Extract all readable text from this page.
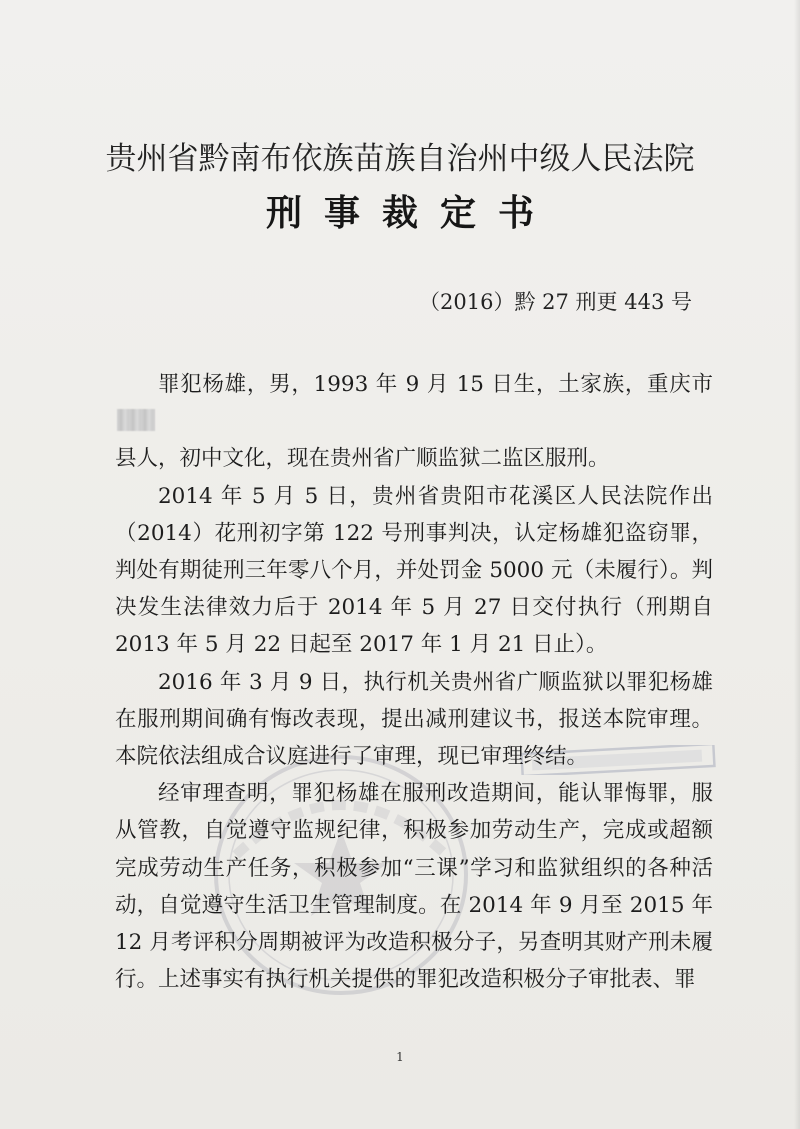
贵州省黔南布依族苗族自治州中级人民法院
刑事裁定书
（2016）黔 27 刑更 443 号

罪犯杨雄，男，1993 年 9 月 15 日生，土家族，重庆市
县人，初中文化，现在贵州省广顺监狱二监区服刑。

2014 年 5 月 5 日，贵州省贵阳市花溪区人民法院作出（2014）花刑初字第 122 号刑事判决，认定杨雄犯盗窃罪，判处有期徒刑三年零八个月，并处罚金 5000 元（未履行）。判决发生法律效力后于 2014 年 5 月 27 日交付执行（刑期自 2013 年 5 月 22 日起至 2017 年 1 月 21 日止）。

2016 年 3 月 9 日，执行机关贵州省广顺监狱以罪犯杨雄在服刑期间确有悔改表现，提出减刑建议书，报送本院审理。本院依法组成合议庭进行了审理，现已审理终结。

经审理查明，罪犯杨雄在服刑改造期间，能认罪悔罪，服从管教，自觉遵守监规纪律，积极参加劳动生产，完成或超额完成劳动生产任务，积极参加“三课”学习和监狱组织的各种活动，自觉遵守生活卫生管理制度。在 2014 年 9 月至 2015 年 12 月考评积分周期被评为改造积极分子，另查明其财产刑未履行。上述事实有执行机关提供的罪犯改造积极分子审批表、罪

1
